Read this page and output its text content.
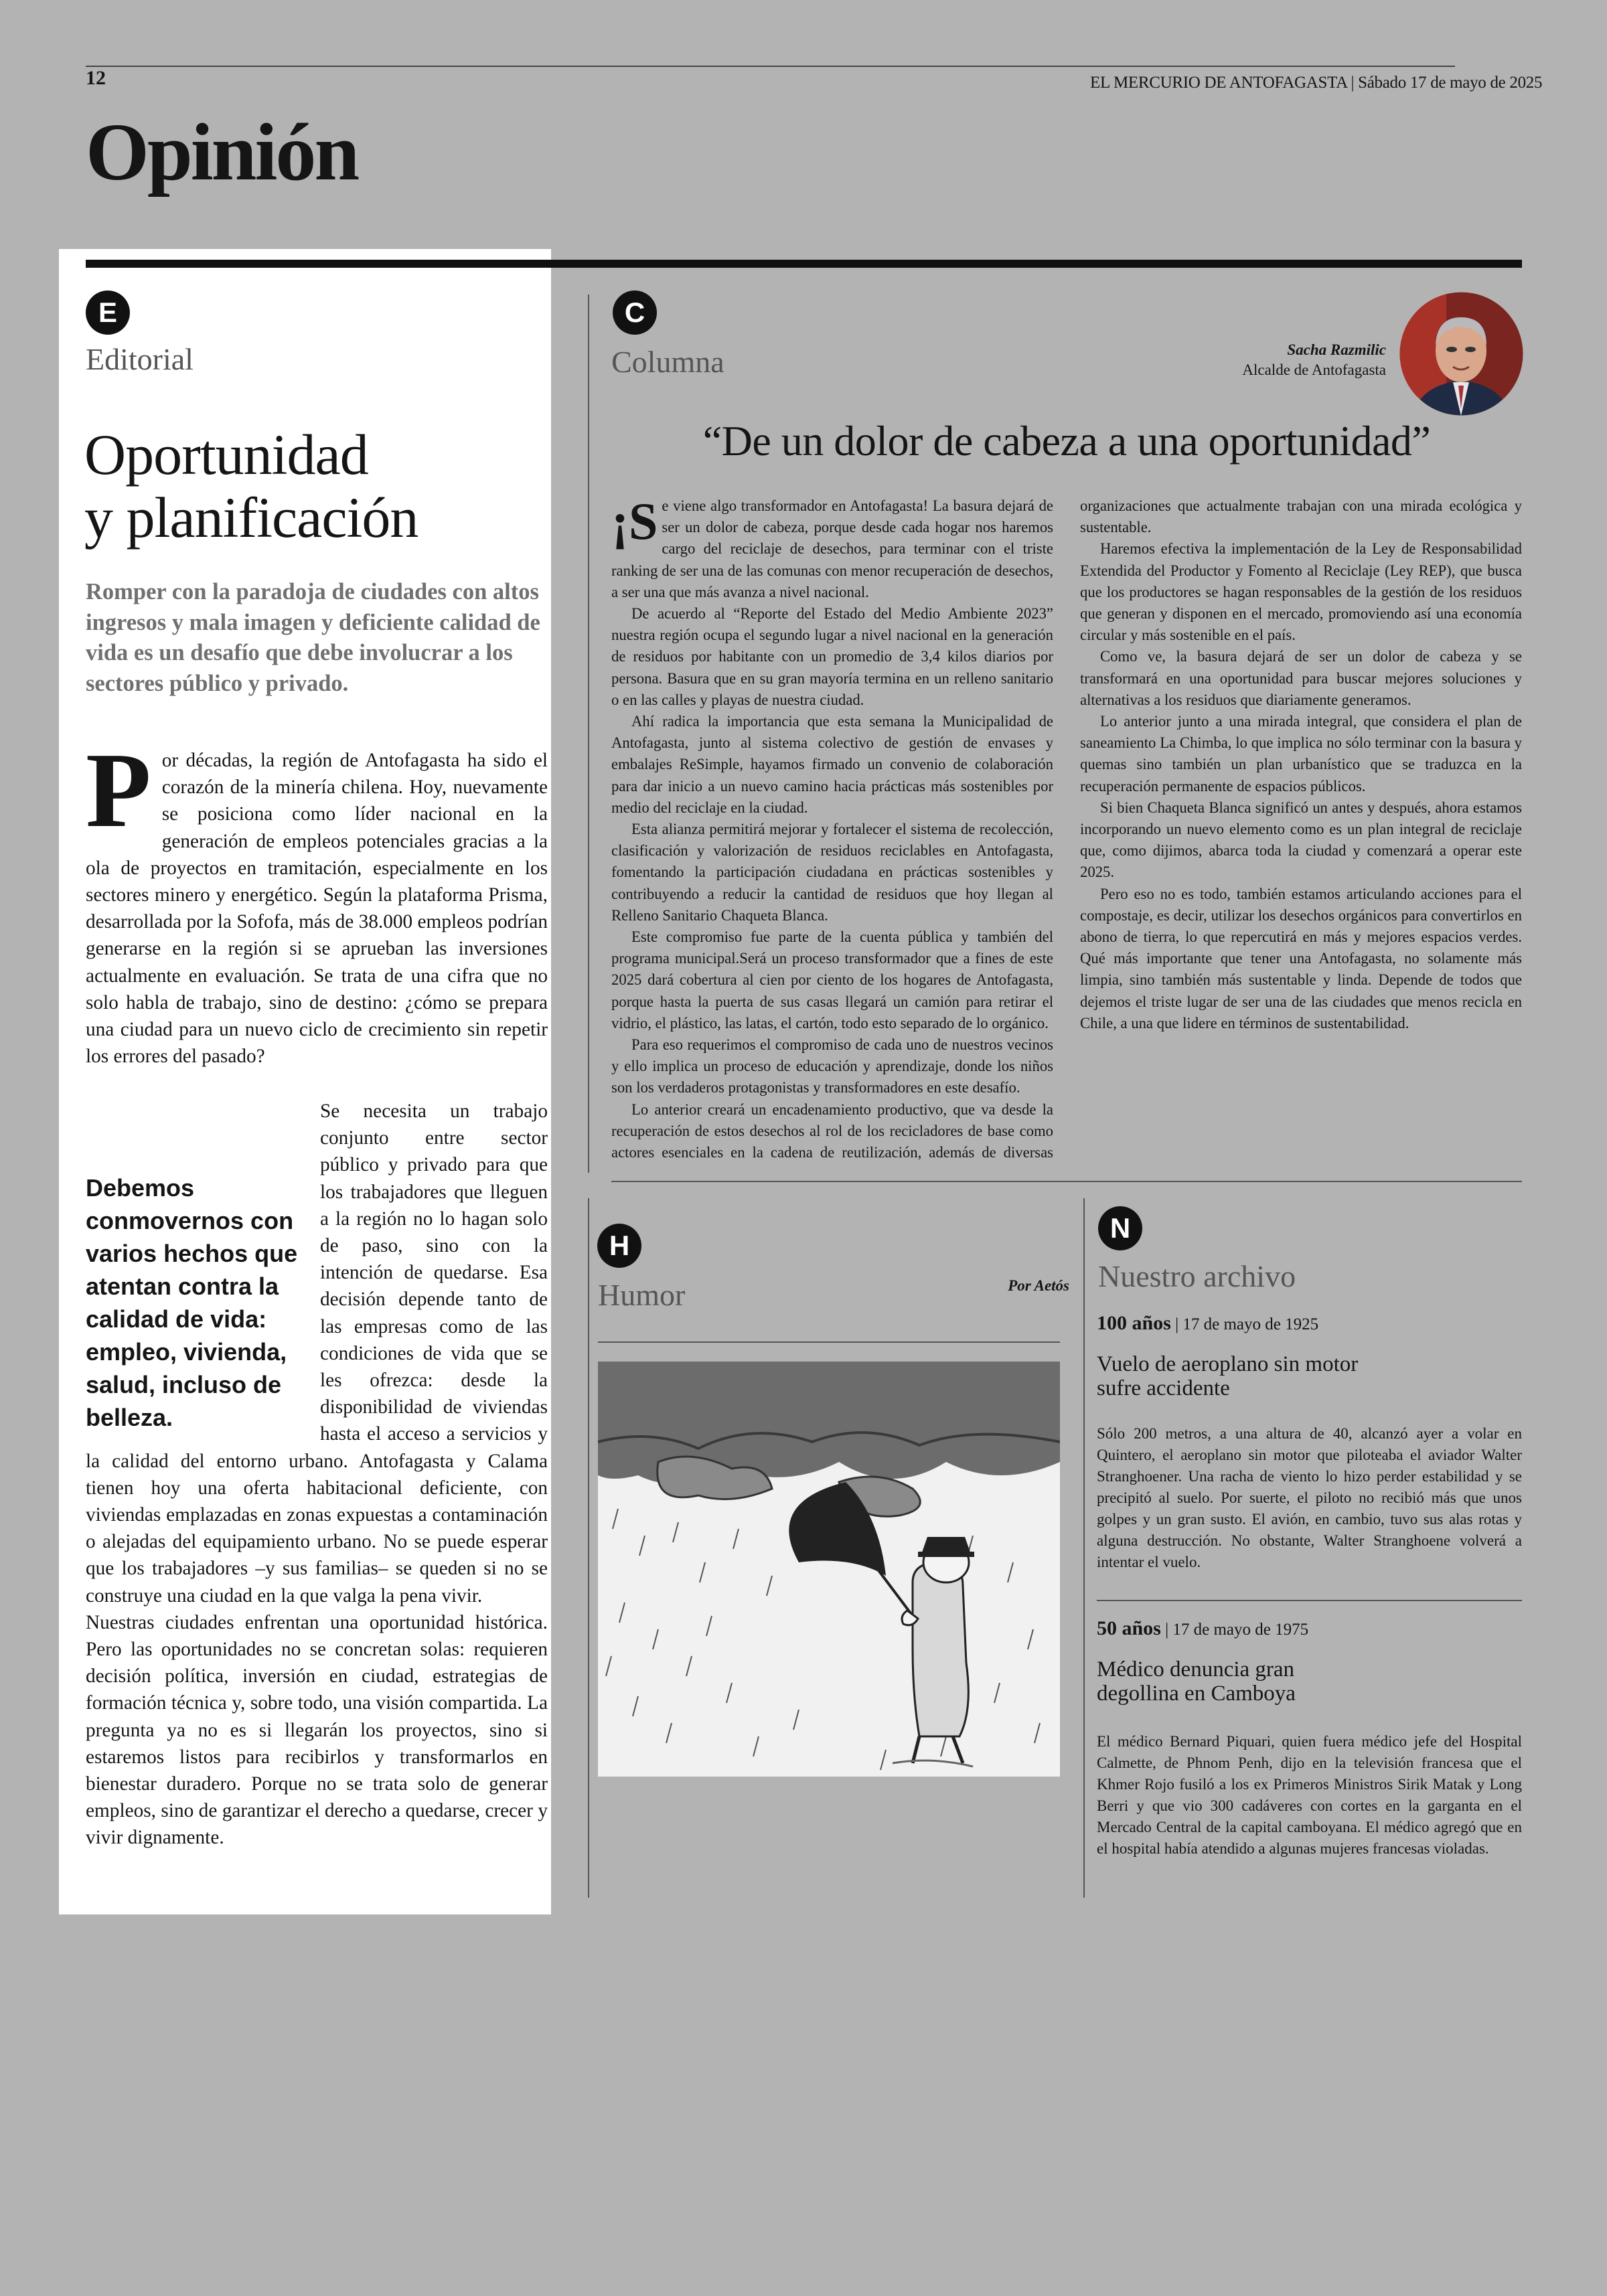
12	EL MERCURIO DE ANTOFAGASTA | Sábado 17 de mayo de 2025
Opinión
E
Editorial
Oportunidad
y planificación
Romper con la paradoja de ciudades con altos ingresos y mala imagen y deficiente calidad de vida es un desafío que debe involucrar a los sectores público y privado.
P or décadas, la región de Antofagasta ha sido el corazón de la minería chilena. Hoy, nuevamente se posiciona como líder nacional en la generación de empleos potenciales gracias a la ola de proyectos en tramitación, especialmente en los sectores minero y energético. Según la plataforma Prisma, desarrollada por la Sofofa, más de 38.000 empleos podrían generarse en la región si se aprueban las inversiones actualmente en evaluación. Se trata de una cifra que no solo habla de trabajo, sino de destino: ¿cómo se prepara una ciudad para un nuevo ciclo de crecimiento sin repetir los errores del pasado?

Debemos conmovernos con varios hechos que atentan contra la calidad de vida: empleo, vivienda, salud, incluso de belleza.

Se necesita un trabajo conjunto entre sector público y privado para que los trabajadores que lleguen a la región no lo hagan solo de paso, sino con la intención de quedarse. Esa decisión depende tanto de las empresas como de las condiciones de vida que se les ofrezca: desde la disponibilidad de viviendas hasta el acceso a servicios y la calidad del entorno urbano. Antofagasta y Calama tienen hoy una oferta habitacional deficiente, con viviendas emplazadas en zonas expuestas a contaminación o alejadas del equipamiento urbano. No se puede esperar que los trabajadores –y sus familias– se queden si no se construye una ciudad en la que valga la pena vivir.

Nuestras ciudades enfrentan una oportunidad histórica. Pero las oportunidades no se concretan solas: requieren decisión política, inversión en ciudad, estrategias de formación técnica y, sobre todo, una visión compartida. La pregunta ya no es si llegarán los proyectos, sino si estaremos listos para recibirlos y transformarlos en bienestar duradero. Porque no se trata solo de generar empleos, sino de garantizar el derecho a quedarse, crecer y vivir dignamente.

C
Columna	Sacha Razmilic
Alcalde de Antofagasta
“De un dolor de cabeza a una oportunidad”

¡S e viene algo transformador en Antofagasta! La basura dejará de ser un dolor de cabeza, porque desde cada hogar nos haremos cargo del reciclaje de desechos, para terminar con el triste ranking de ser una de las comunas con menor recuperación de desechos, a ser una que más avanza a nivel nacional.

De acuerdo al “Reporte del Estado del Medio Ambiente 2023” nuestra región ocupa el segundo lugar a nivel nacional en la generación de residuos por habitante con un promedio de 3,4 kilos diarios por persona. Basura que en su gran mayoría termina en un relleno sanitario o en las calles y playas de nuestra ciudad.

Ahí radica la importancia que esta semana la Municipalidad de Antofagasta, junto al sistema colectivo de gestión de envases y embalajes ReSimple, hayamos firmado un convenio de colaboración para dar inicio a un nuevo camino hacia prácticas más sostenibles por medio del reciclaje en la ciudad.

Esta alianza permitirá mejorar y fortalecer el sistema de recolección, clasificación y valorización de residuos reciclables en Antofagasta, fomentando la participación ciudadana en prácticas sostenibles y contribuyendo a reducir la cantidad de residuos que hoy llegan al Relleno Sanitario Chaqueta Blanca.

Este compromiso fue parte de la cuenta pública y también del programa municipal.Será un proceso transformador que a fines de este 2025 dará cobertura al cien por ciento de los hogares de Antofagasta, porque hasta la puerta de sus casas llegará un camión para retirar el vidrio, el plástico, las latas, el cartón, todo esto separado de lo orgánico.

Para eso requerimos el compromiso de cada uno de nuestros vecinos y ello implica un proceso de educación y aprendizaje, donde los niños son los verdaderos protagonistas y transformadores en este desafío.

Lo anterior creará un encadenamiento productivo, que va desde la recuperación de estos desechos al rol de los recicladores de base como actores esenciales en la cadena de reutilización, además de diversas organizaciones que actualmente trabajan con una mirada ecológica y sustentable.

Haremos efectiva la implementación de la Ley de Responsabilidad Extendida del Productor y Fomento al Reciclaje (Ley REP), que busca que los productores se hagan responsables de la gestión de los residuos que generan y disponen en el mercado, promoviendo así una economía circular y más sostenible en el país.

Como ve, la basura dejará de ser un dolor de cabeza y se transformará en una oportunidad para buscar mejores soluciones y alternativas a los residuos que diariamente generamos.

Lo anterior junto a una mirada integral, que considera el plan de saneamiento La Chimba, lo que implica no sólo terminar con la basura y quemas sino también un plan urbanístico que se traduzca en la recuperación permanente de espacios públicos.

Si bien Chaqueta Blanca significó un antes y después, ahora estamos incorporando un nuevo elemento como es un plan integral de reciclaje que, como dijimos, abarca toda la ciudad y comenzará a operar este 2025.

Pero eso no es todo, también estamos articulando acciones para el compostaje, es decir, utilizar los desechos orgánicos para convertirlos en abono de tierra, lo que repercutirá en más y mejores espacios verdes. Qué más importante que tener una Antofagasta, no solamente más limpia, sino también más sustentable y linda. Depende de todos que dejemos el triste lugar de ser una de las ciudades que menos recicla en Chile, a una que lidere en términos de sustentabilidad.

H
Humor	Por Aetós
N
Nuestro archivo
100 años | 17 de mayo de 1925
Vuelo de aeroplano sin motor sufre accidente
Sólo 200 metros, a una altura de 40, alcanzó ayer a volar en Quintero, el aeroplano sin motor que piloteaba el aviador Walter Stranghoener. Una racha de viento lo hizo perder estabilidad y se precipitó al suelo. Por suerte, el piloto no recibió más que unos golpes y un gran susto. El avión, en cambio, tuvo sus alas rotas y alguna destrucción. No obstante, Walter Stranghoene volverá a intentar el vuelo.
50 años | 17 de mayo de 1975
Médico denuncia gran degollina en Camboya
El médico Bernard Piquari, quien fuera médico jefe del Hospital Calmette, de Phnom Penh, dijo en la televisión francesa que el Khmer Rojo fusiló a los ex Primeros Ministros Sirik Matak y Long Berri y que vio 300 cadáveres con cortes en la garganta en el Mercado Central de la capital camboyana. El médico agregó que en el hospital había atendido a algunas mujeres francesas violadas.
